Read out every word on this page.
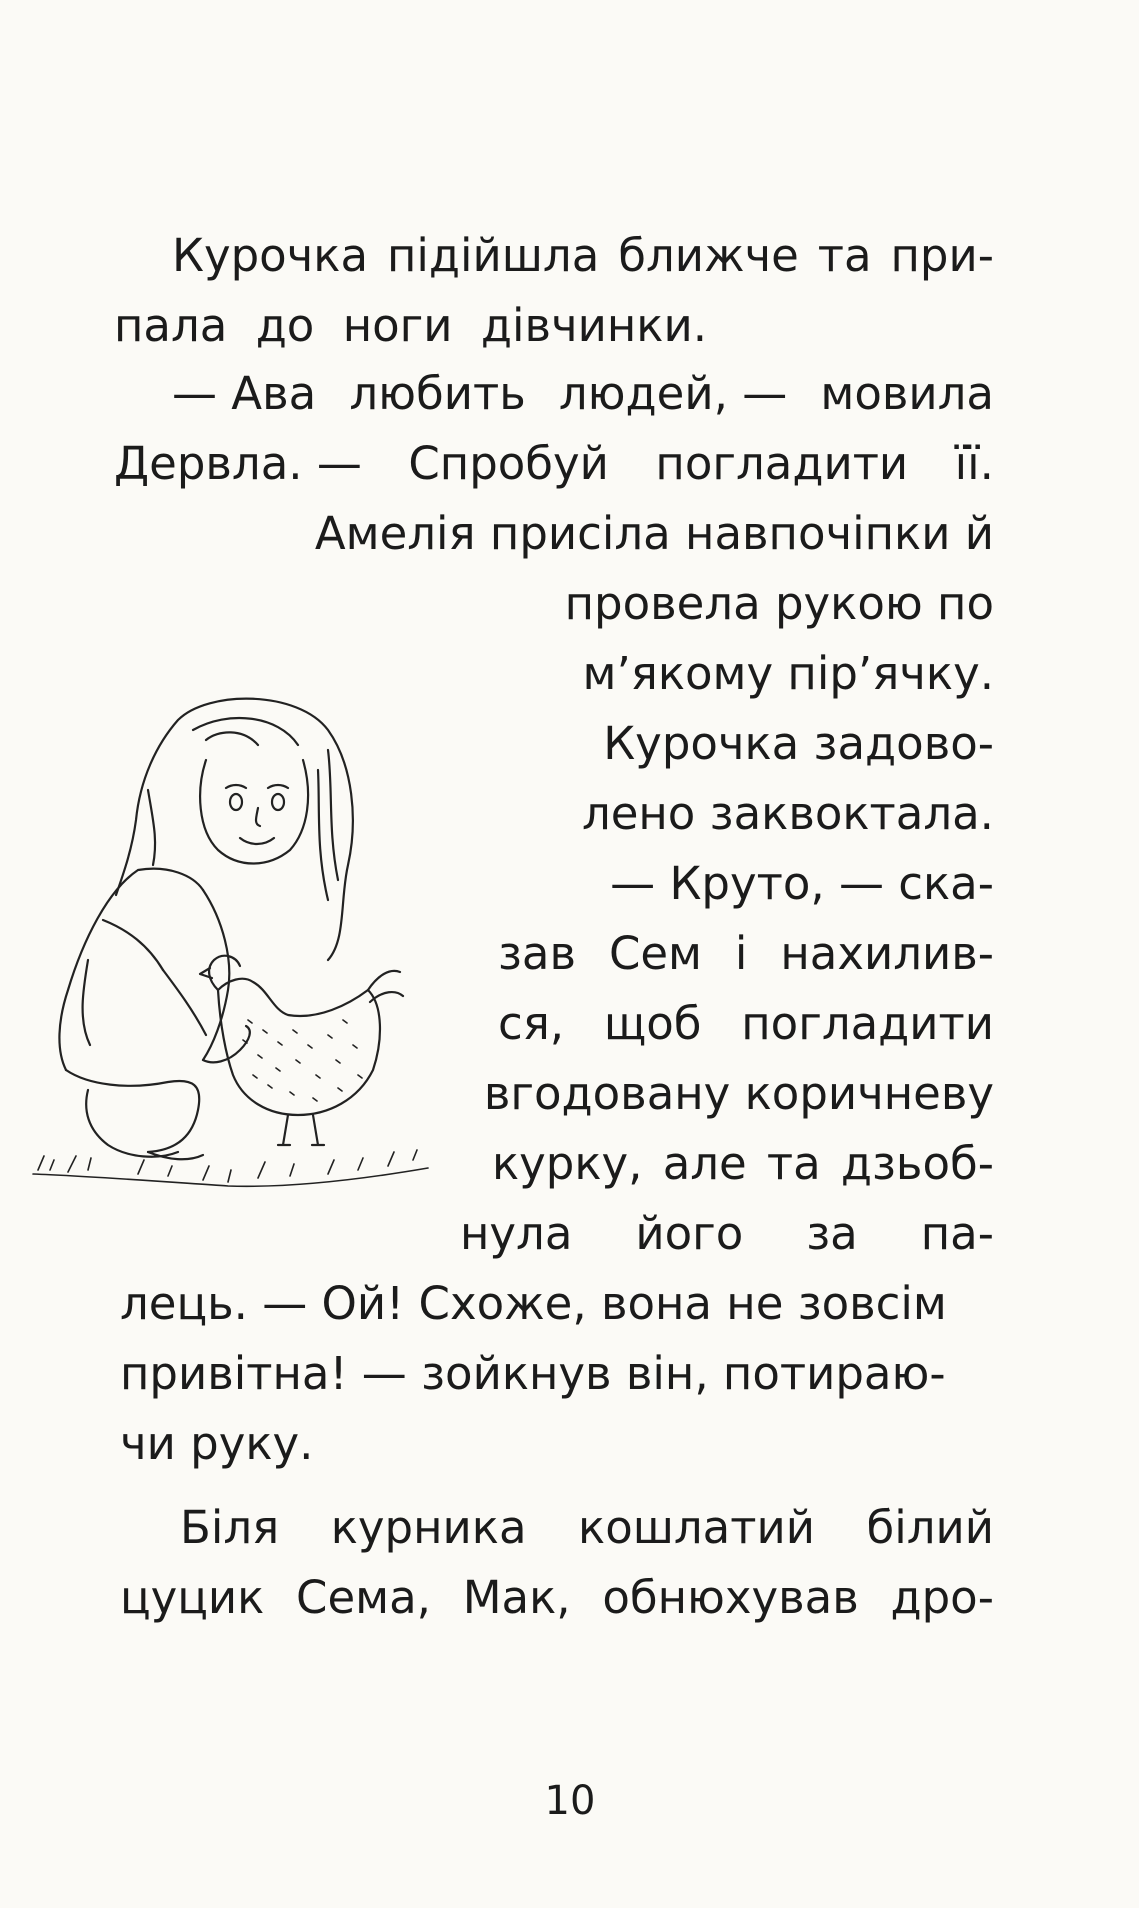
Курочка підійшла ближче та при-
пала до ноги дівчинки.
— Ава любить людей, — мовила
Дервла. — Спробуй погладити її.
Амелія присіла навпочіпки й
провела рукою по
м’якому пір’ячку.
Курочка задово-
лено заквоктала.
— Круто, — ска-
зав Сем і нахилив-
ся, щоб погладити
вгодовану коричневу
курку, але та дзьоб-
нула його за па-
лець. — Ой! Схоже, вона не зовсім
привітна! — зойкнув він, потираю-
чи руку.
Біля курника кошлатий білий
цуцик Сема, Мак, обнюхував дро-
10
